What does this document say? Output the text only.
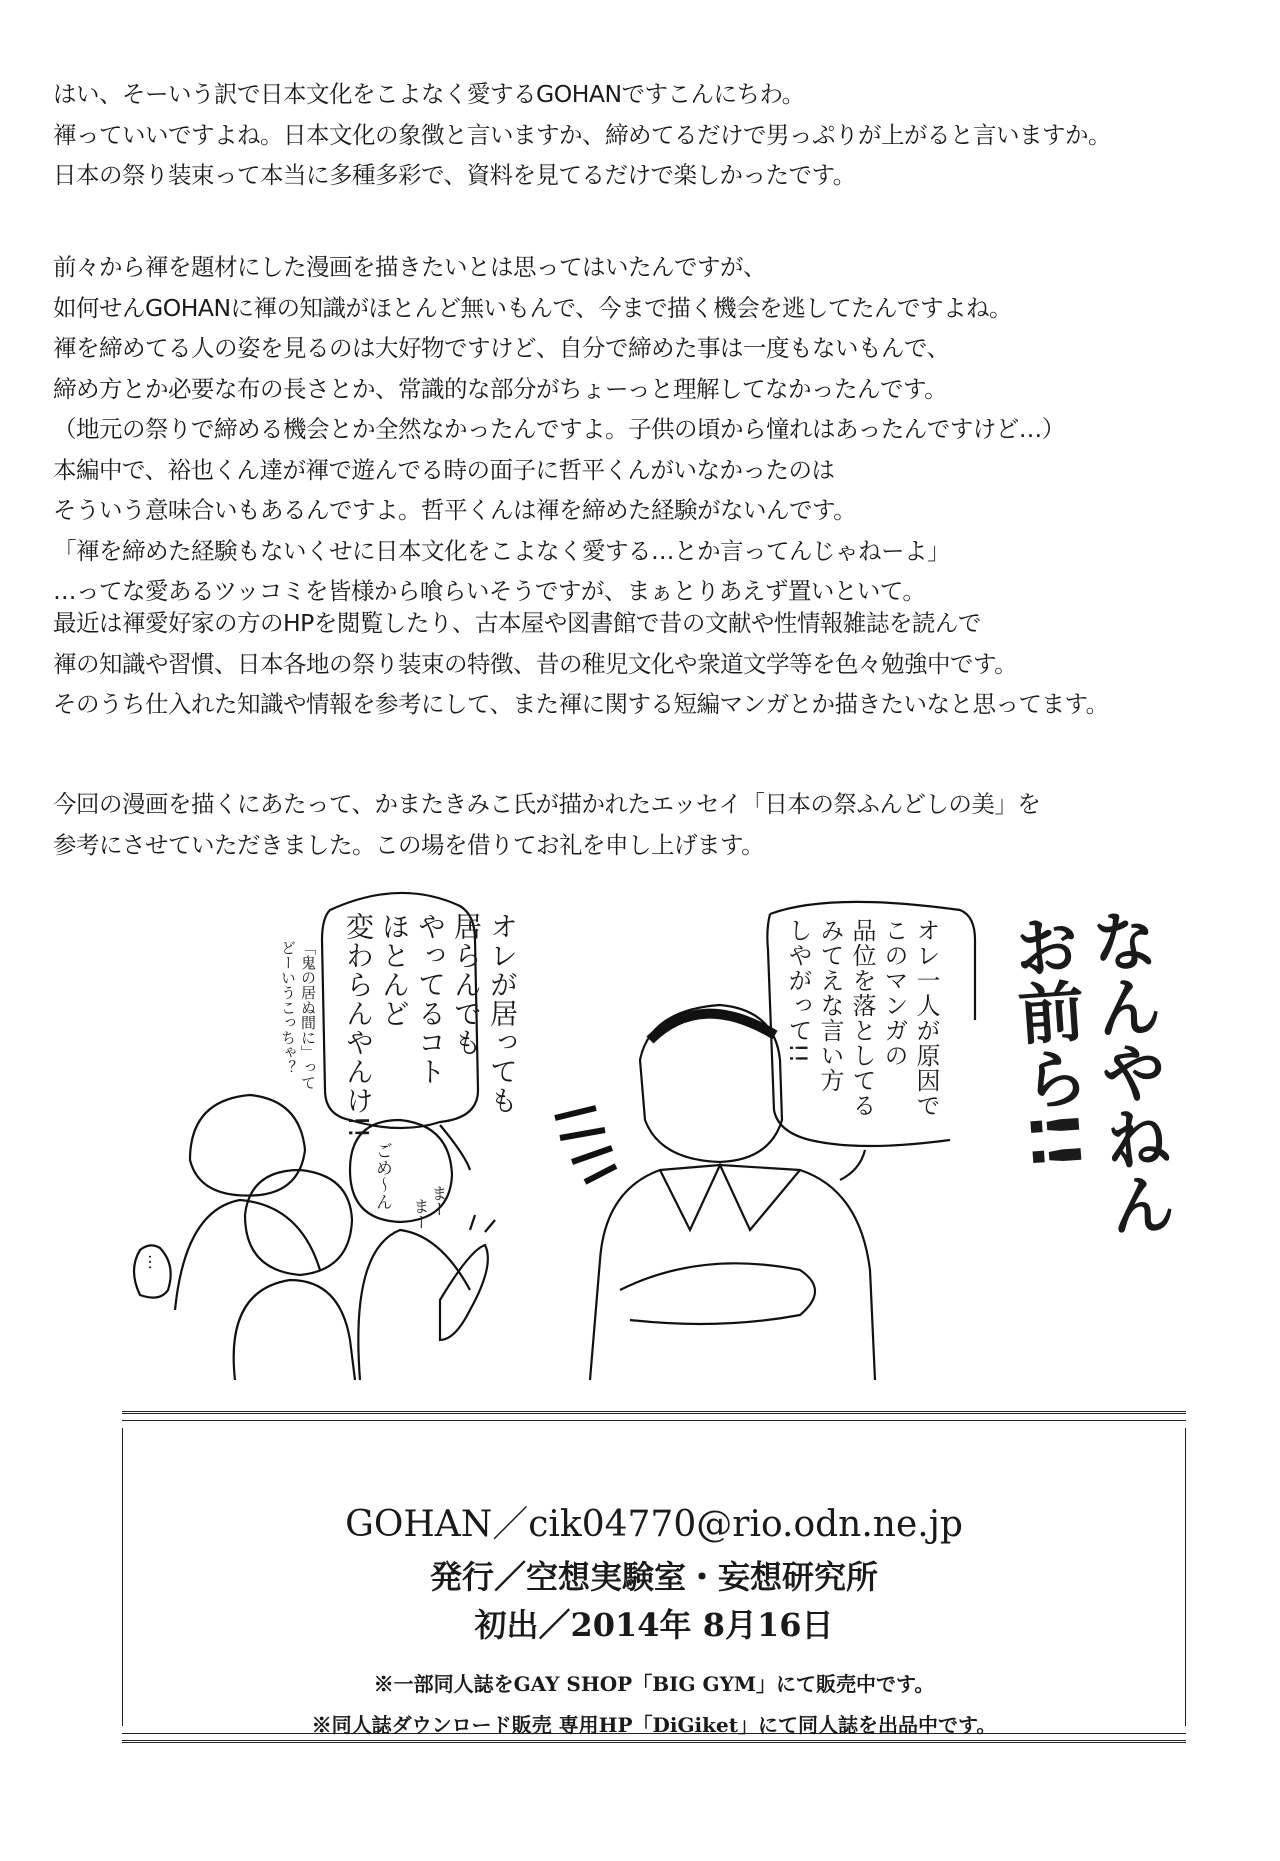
はい、そーいう訳で日本文化をこよなく愛するGOHANですこんにちわ。
褌っていいですよね。日本文化の象徴と言いますか、締めてるだけで男っぷりが上がると言いますか。
日本の祭り装束って本当に多種多彩で、資料を見てるだけで楽しかったです。
前々から褌を題材にした漫画を描きたいとは思ってはいたんですが、
如何せんGOHANに褌の知識がほとんど無いもんで、今まで描く機会を逃してたんですよね。
褌を締めてる人の姿を見るのは大好物ですけど、自分で締めた事は一度もないもんで、
締め方とか必要な布の長さとか、常識的な部分がちょーっと理解してなかったんです。
（地元の祭りで締める機会とか全然なかったんですよ。子供の頃から憧れはあったんですけど…）
本編中で、裕也くん達が褌で遊んでる時の面子に哲平くんがいなかったのは
そういう意味合いもあるんですよ。哲平くんは褌を締めた経験がないんです。
「褌を締めた経験もないくせに日本文化をこよなく愛する…とか言ってんじゃねーよ」
…ってな愛あるツッコミを皆様から喰らいそうですが、まぁとりあえず置いといて。
最近は褌愛好家の方のHPを閲覧したり、古本屋や図書館で昔の文献や性情報雑誌を読んで
褌の知識や習慣、日本各地の祭り装束の特徴、昔の稚児文化や衆道文学等を色々勉強中です。
そのうち仕入れた知識や情報を参考にして、また褌に関する短編マンガとか描きたいなと思ってます。
今回の漫画を描くにあたって、かまたきみこ氏が描かれたエッセイ「日本の祭ふんどしの美」を
参考にさせていただきました。この場を借りてお礼を申し上げます。
オレが居っても
居らんでも
やってるコト
ほとんど
変わらんやんけ!!
「鬼の居ぬ間に」って
どーいうこっちゃ？	オレ一人が原因で
このマンガの
品位を落としてる
みてえな言い方
しやがって!!	なんやねん
お前ら!!
ごめ〜ん まー
まー
…
GOHAN／cik04770@rio.odn.ne.jp
発行／空想実験室・妄想研究所
初出／2014年 8月16日
※一部同人誌をGAY SHOP「BIG GYM」にて販売中です。
※同人誌ダウンロード販売 専用HP「DiGiket」にて同人誌を出品中です。
